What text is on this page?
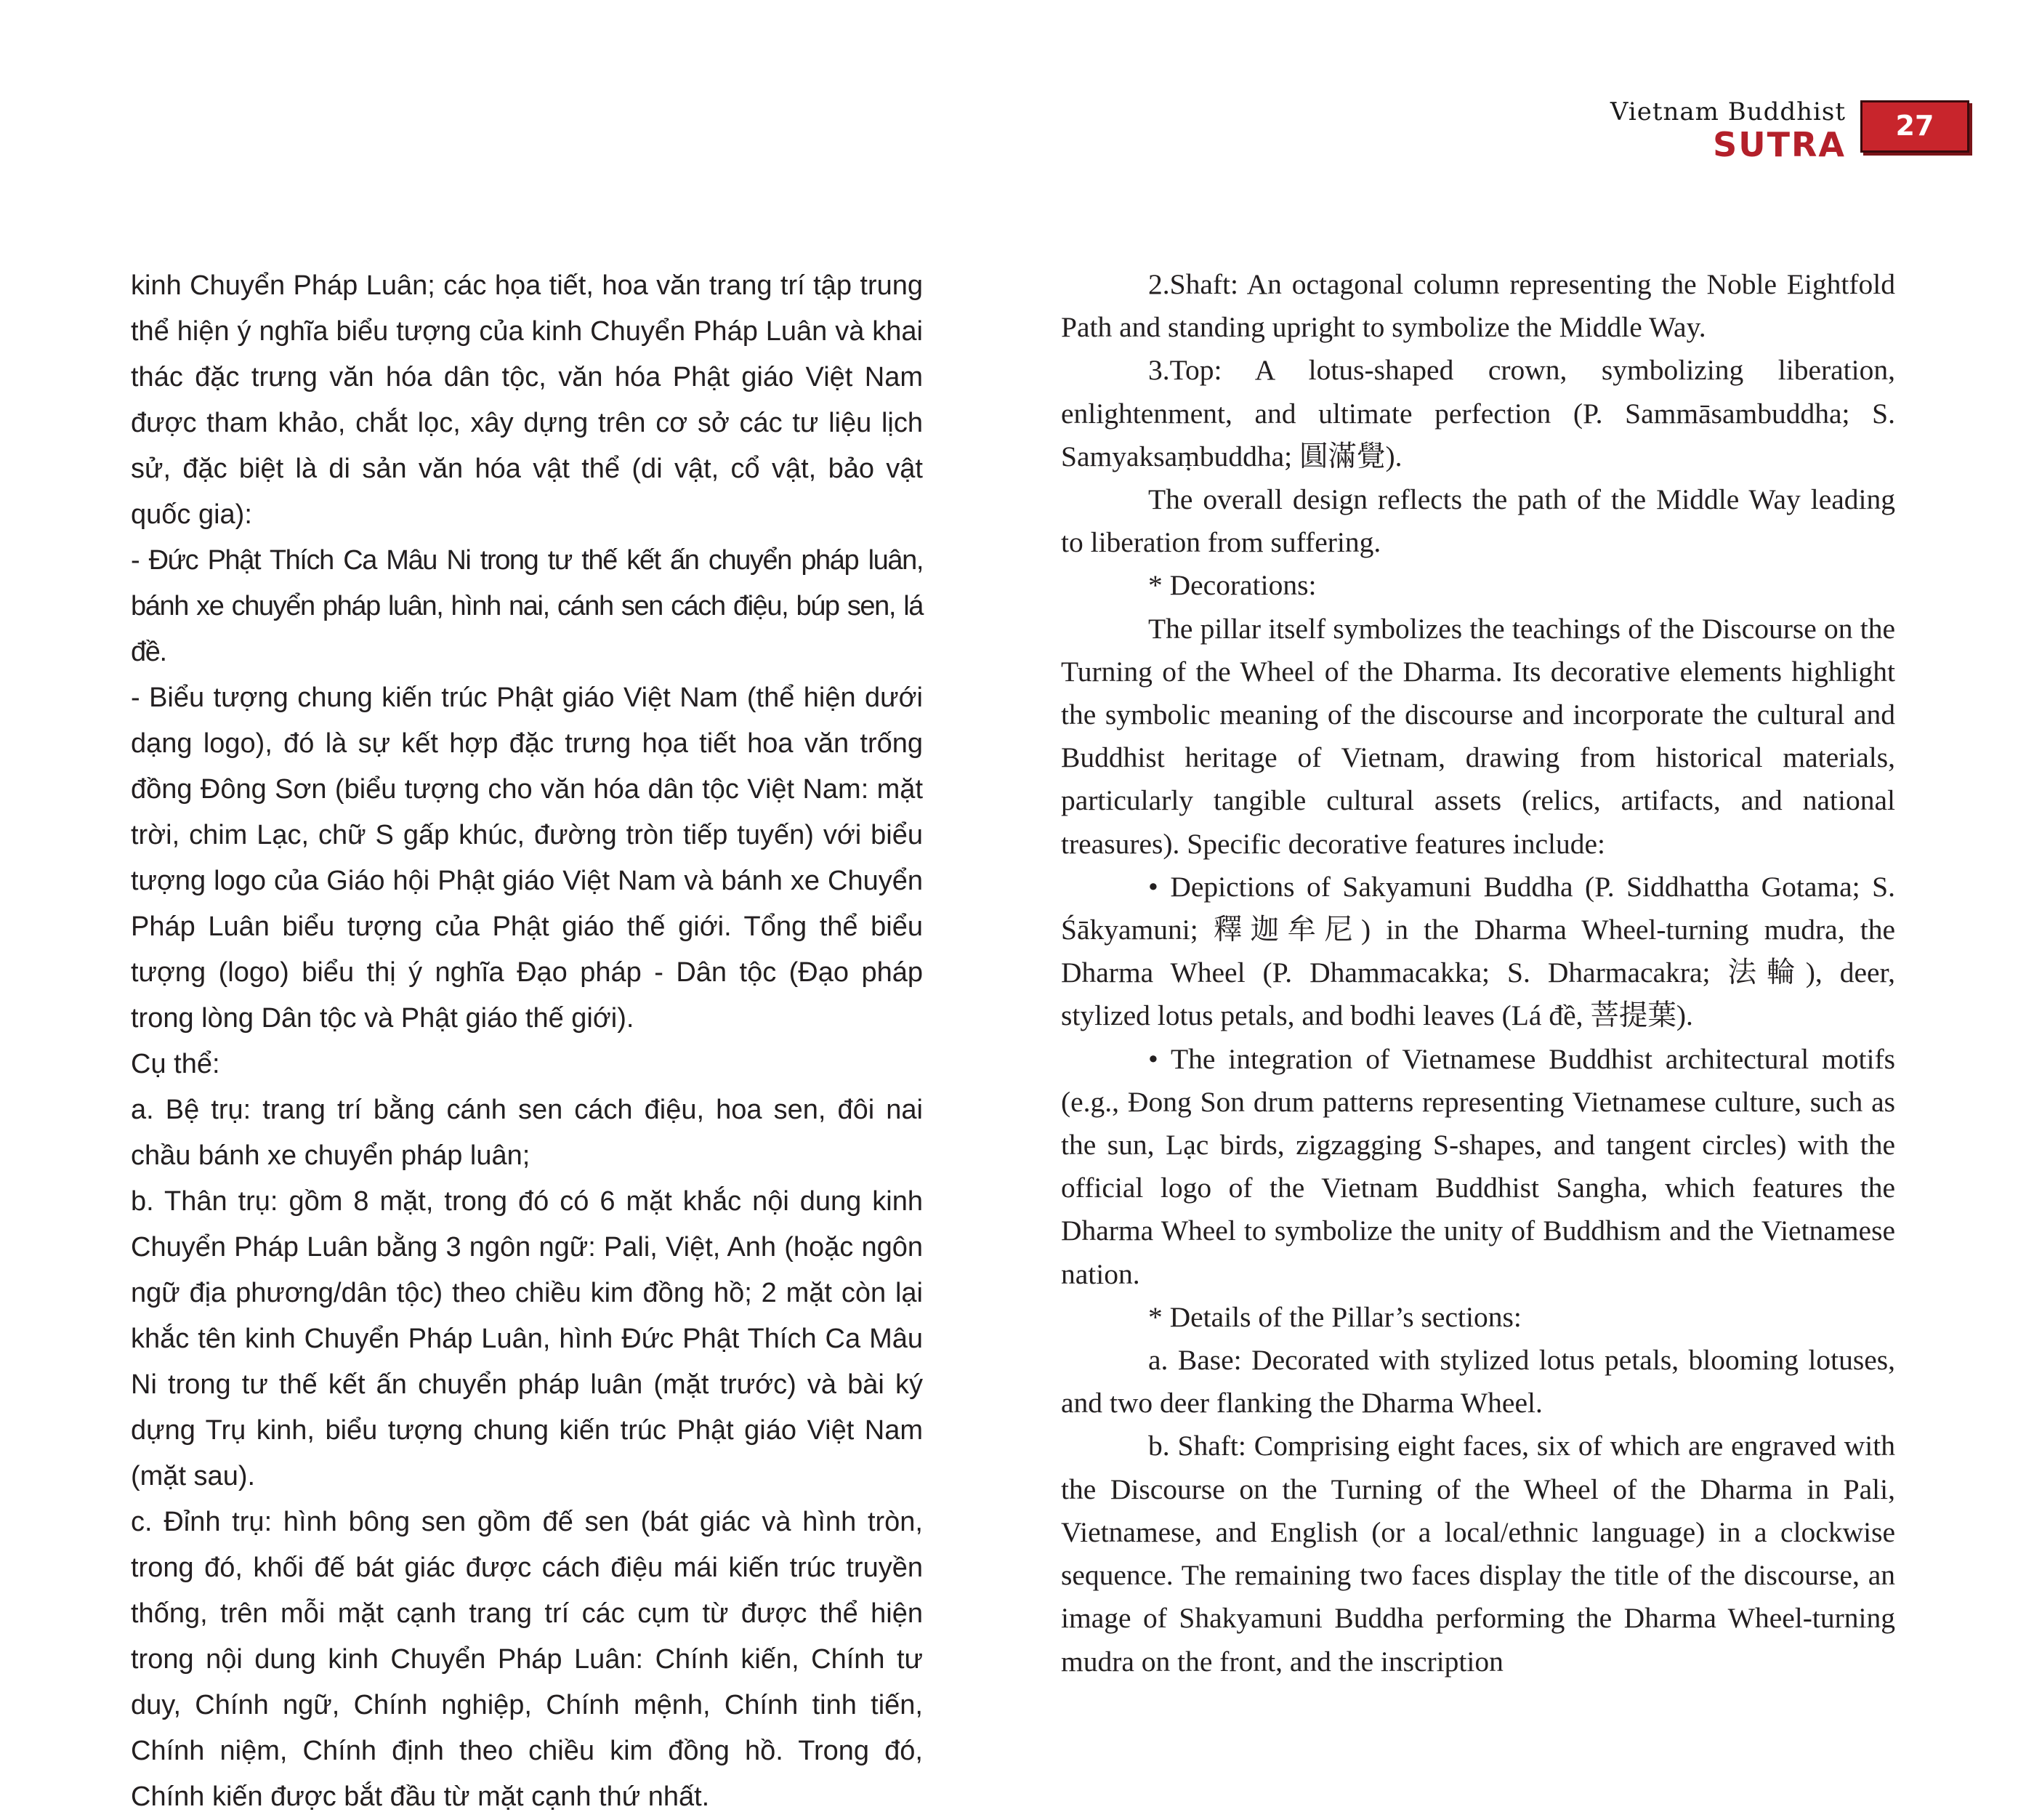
Vietnam Buddhist
SUTRA	27

kinh Chuyển Pháp Luân; các họa tiết, hoa văn trang trí tập trung thể hiện ý nghĩa biểu tượng của kinh Chuyển Pháp Luân và khai thác đặc trưng văn hóa dân tộc, văn hóa Phật giáo Việt Nam được tham khảo, chắt lọc, xây dựng trên cơ sở các tư liệu lịch sử, đặc biệt là di sản văn hóa vật thể (di vật, cổ vật, bảo vật quốc gia):

- Đức Phật Thích Ca Mâu Ni trong tư thế kết ấn chuyển pháp luân, bánh xe chuyển pháp luân, hình nai, cánh sen cách điệu, búp sen, lá đề.

- Biểu tượng chung kiến trúc Phật giáo Việt Nam (thể hiện dưới dạng logo), đó là sự kết hợp đặc trưng họa tiết hoa văn trống đồng Đông Sơn (biểu tượng cho văn hóa dân tộc Việt Nam: mặt trời, chim Lạc, chữ S gấp khúc, đường tròn tiếp tuyến) với biểu tượng logo của Giáo hội Phật giáo Việt Nam và bánh xe Chuyển Pháp Luân biểu tượng của Phật giáo thế giới. Tổng thể biểu tượng (logo) biểu thị ý nghĩa Đạo pháp - Dân tộc (Đạo pháp trong lòng Dân tộc và Phật giáo thế giới).

Cụ thể:

a. Bệ trụ: trang trí bằng cánh sen cách điệu, hoa sen, đôi nai chầu bánh xe chuyển pháp luân;

b. Thân trụ: gồm 8 mặt, trong đó có 6 mặt khắc nội dung kinh Chuyển Pháp Luân bằng 3 ngôn ngữ: Pali, Việt, Anh (hoặc ngôn ngữ địa phương/dân tộc) theo chiều kim đồng hồ; 2 mặt còn lại khắc tên kinh Chuyển Pháp Luân, hình Đức Phật Thích Ca Mâu Ni trong tư thế kết ấn chuyển pháp luân (mặt trước) và bài ký dựng Trụ kinh, biểu tượng chung kiến trúc Phật giáo Việt Nam (mặt sau).

c. Đỉnh trụ: hình bông sen gồm đế sen (bát giác và hình tròn, trong đó, khối đế bát giác được cách điệu mái kiến trúc truyền thống, trên mỗi mặt cạnh trang trí các cụm từ được thể hiện trong nội dung kinh Chuyển Pháp Luân: Chính kiến, Chính tư duy, Chính ngữ, Chính nghiệp, Chính mệnh, Chính tinh tiến, Chính niệm, Chính định theo chiều kim đồng hồ. Trong đó, Chính kiến được bắt đầu từ mặt cạnh thứ nhất.

2.Shaft: An octagonal column representing the Noble Eightfold Path and standing upright to symbolize the Middle Way.

3.Top: A lotus-shaped crown, symbolizing liberation, enlightenment, and ultimate perfection (P. Sammāsambuddha; S. Samyaksaṃbuddha; 圓滿覺).

The overall design reflects the path of the Middle Way leading to liberation from suffering.

* Decorations:

The pillar itself symbolizes the teachings of the Discourse on the Turning of the Wheel of the Dharma. Its decorative elements highlight the symbolic meaning of the discourse and incorporate the cultural and Buddhist heritage of Vietnam, drawing from historical materials, particularly tangible cultural assets (relics, artifacts, and national treasures). Specific decorative features include:

• Depictions of Sakyamuni Buddha (P. Siddhattha Gotama; S. Śākyamuni; 釋迦牟尼) in the Dharma Wheel-turning mudra, the Dharma Wheel (P. Dhammacakka; S. Dharmacakra; 法輪), deer, stylized lotus petals, and bodhi leaves (Lá đề, 菩提葉).

• The integration of Vietnamese Buddhist architectural motifs (e.g., Đong Son drum patterns representing Vietnamese culture, such as the sun, Lạc birds, zigzagging S-shapes, and tangent circles) with the official logo of the Vietnam Buddhist Sangha, which features the Dharma Wheel to symbolize the unity of Buddhism and the Vietnamese nation.

* Details of the Pillar’s sections:

a. Base: Decorated with stylized lotus petals, blooming lotuses, and two deer flanking the Dharma Wheel.

b. Shaft: Comprising eight faces, six of which are engraved with the Discourse on the Turning of the Wheel of the Dharma in Pali, Vietnamese, and English (or a local/ethnic language) in a clockwise sequence. The remaining two faces display the title of the discourse, an image of Shakyamuni Buddha performing the Dharma Wheel-turning mudra on the front, and the inscription
